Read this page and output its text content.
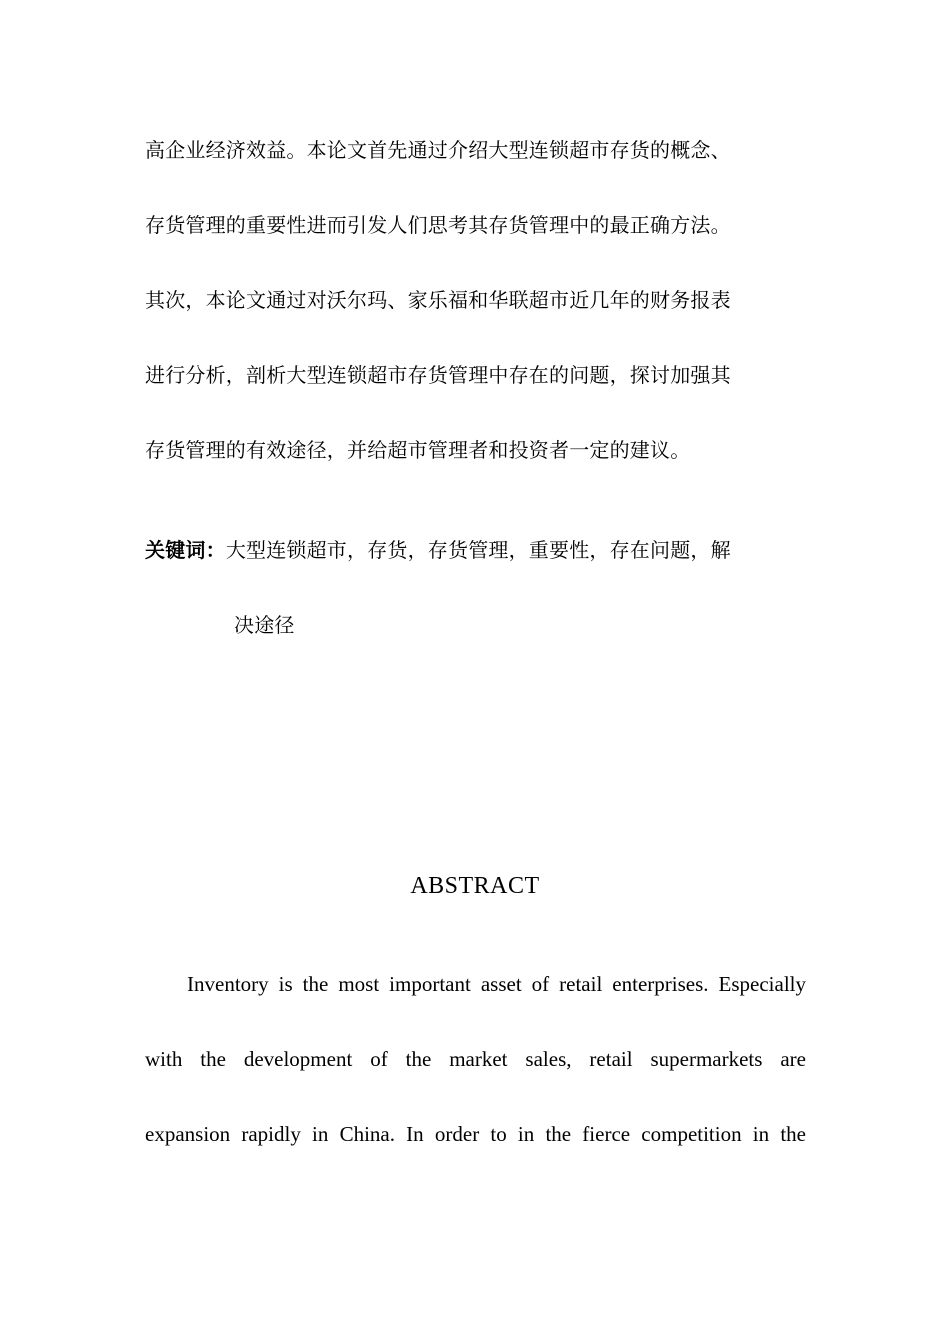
高企业经济效益。本论文首先通过介绍大型连锁超市存货的概念、
存货管理的重要性进而引发人们思考其存货管理中的最正确方法。
其次，本论文通过对沃尔玛、家乐福和华联超市近几年的财务报表
进行分析，剖析大型连锁超市存货管理中存在的问题，探讨加强其
存货管理的有效途径，并给超市管理者和投资者一定的建议。
关键词：大型连锁超市，存货，存货管理，重要性，存在问题，解
决途径
ABSTRACT
Inventory is the most important asset of retail enterprises. Especially
with the development of the market sales, retail supermarkets are
expansion rapidly in China. In order to in the fierce competition in the
